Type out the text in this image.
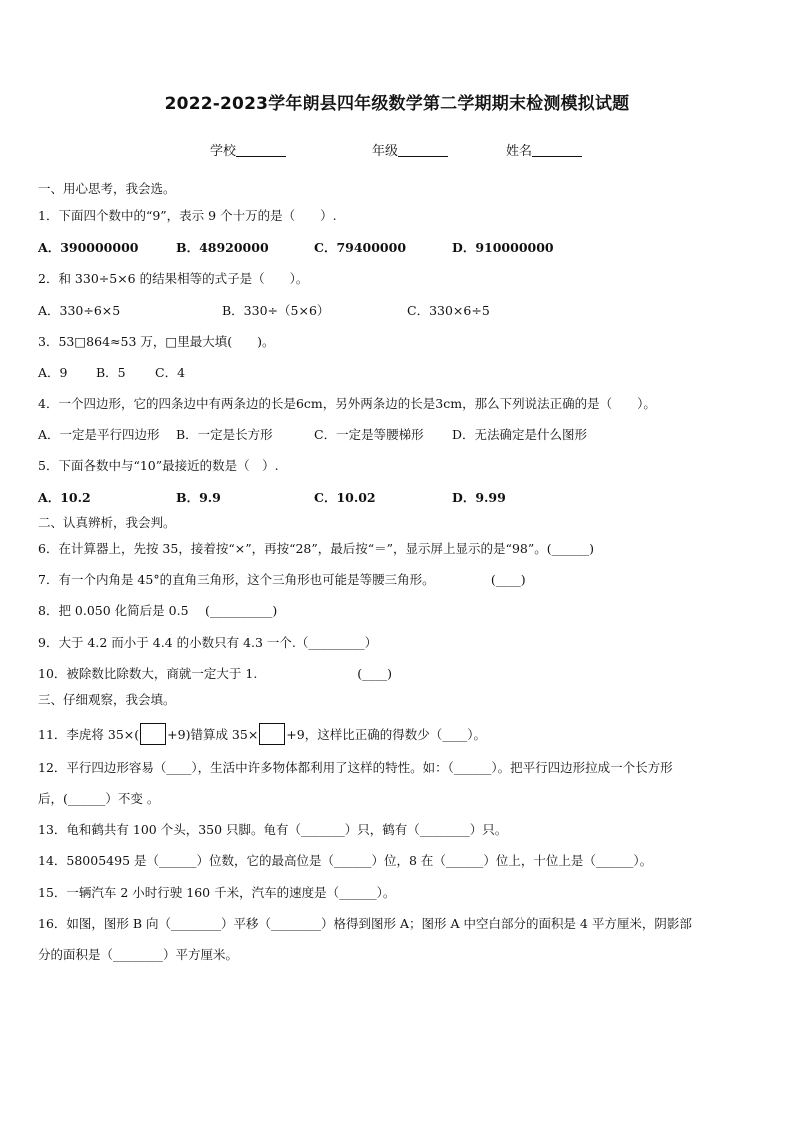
2022-2023学年朗县四年级数学第二学期期末检测模拟试题
学校	年级	姓名
一、用心思考，我会选。
1．下面四个数中的“9”，表示 9 个十万的是（　　）.
A．390000000	B．48920000	C．79400000	D．910000000
2．和 330÷5×6 的结果相等的式子是（　　）。
A．330÷6×5	B．330÷（5×6）	C．330×6÷5
3．53□864≈53 万，□里最大填(　　)。
A．9 B．5 C．4
4．一个四边形，它的四条边中有两条边的长是6cm，另外两条边的长是3cm，那么下列说法正确的是（　　）。
A．一定是平行四边形 B．一定是长方形	C．一定是等腰梯形 D．无法确定是什么图形
5．下面各数中与“10”最接近的数是（　）.
A．10.2	B．9.9	C．10.02	D．9.99
二、认真辨析，我会判。
6．在计算器上，先按 35，接着按“×”，再按“28”，最后按“＝”，显示屏上显示的是“98”。(______)
7．有一个内角是 45°的直角三角形，这个三角形也可能是等腰三角形。　　　　　(____)
8．把 0.050 化简后是 0.5　 (__________)
9．大于 4.2 而小于 4.4 的小数只有 4.3 一个.（_________）
10．被除数比除数大，商就一定大于 1.　　　　　　　　(____)
三、仔细观察，我会填。
11．李虎将 35×( +9)错算成 35× +9，这样比正确的得数少（____）。
12．平行四边形容易（____），生活中许多物体都利用了这样的特性。如：（______）。把平行四边形拉成一个长方形
后，(______）不变 。
13．龟和鹤共有 100 个头，350 只脚。龟有（_______）只，鹤有（________）只。
14．58005495 是（______）位数，它的最高位是（______）位，8 在（______）位上，十位上是（______）。
15．一辆汽车 2 小时行驶 160 千米，汽车的速度是（______）。
16．如图，图形 B 向（________）平移（________）格得到图形 A；图形 A 中空白部分的面积是 4 平方厘米，阴影部
分的面积是（________）平方厘米。
